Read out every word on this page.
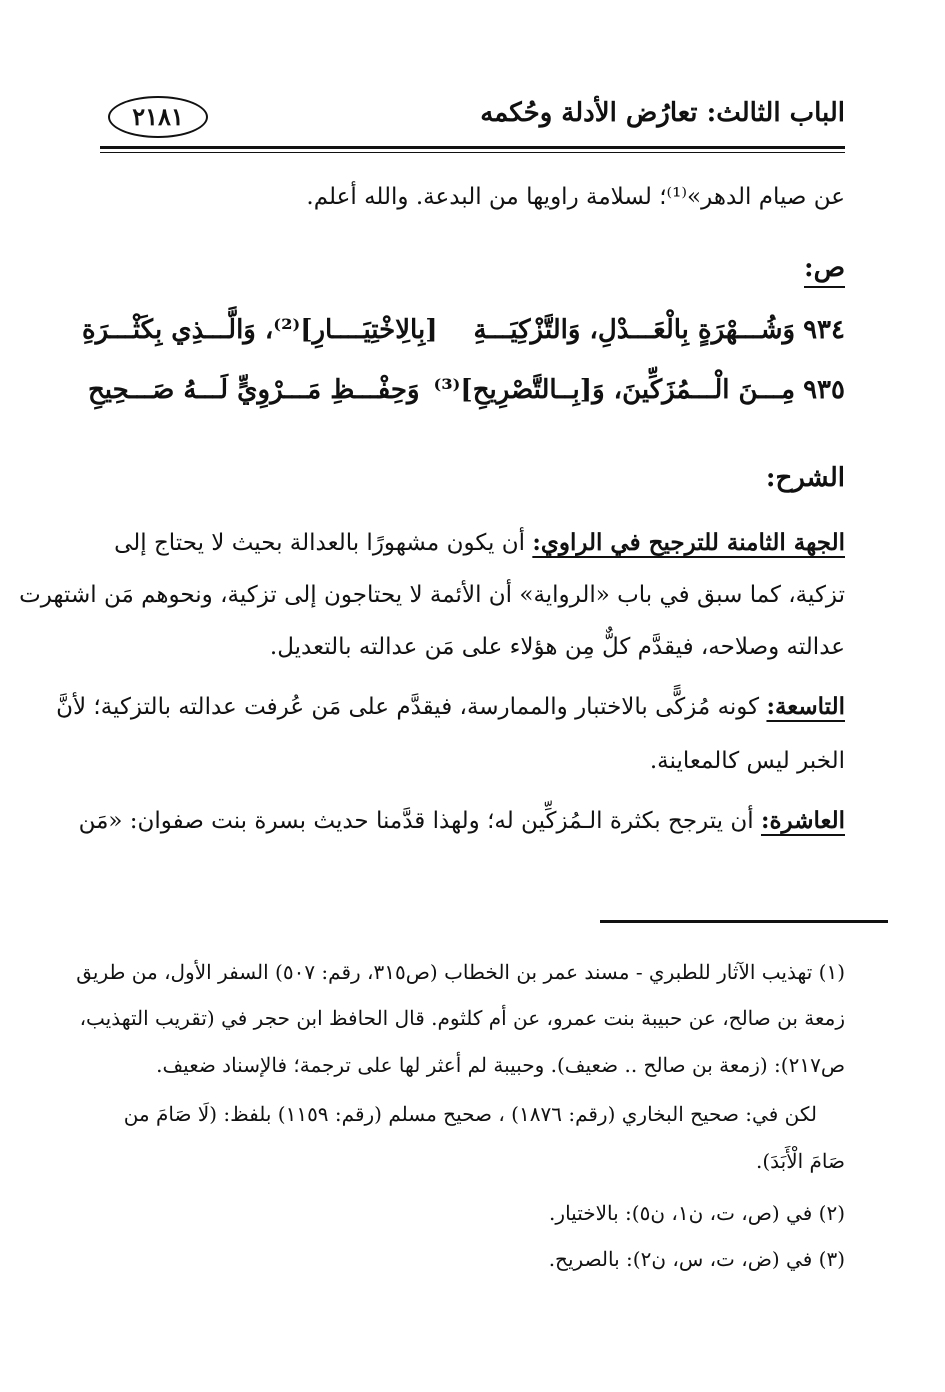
الباب الثالث: تعارُض الأدلة وحُكمه
٢١٨١
عن صيام الدهر»⁽¹⁾؛ لسلامة راويها من البدعة. والله أعلم.
ص:
٩٣٤وَشُـــهْرَةٍ بِالْعَـــدْلِ، وَالتَّزْكِيَـــةِ
[بِالِاخْتِيَــــارِ]⁽²⁾، وَالَّـــذِي بِكَثْـــرَةِ
٩٣٥مِـــنَ الْـــمُزَكِّينَ، وَ[بِــالتَّصْرِيحِ]⁽³⁾
وَحِفْـــظِ مَـــرْوِيٍّ لَـــهُ صَـــحِيحِ
الشرح:
الجهة الثامنة للترجيح في الراوي: أن يكون مشهورًا بالعدالة بحيث لا يحتاج إلى
تزكية، كما سبق في باب «الرواية» أن الأئمة لا يحتاجون إلى تزكية، ونحوهم مَن اشتهرت
عدالته وصلاحه، فيقدَّم كلٌّ مِن هؤلاء على مَن عدالته بالتعديل.
التاسعة: كونه مُزكًّى بالاختبار والممارسة، فيقدَّم على مَن عُرفت عدالته بالتزكية؛ لأنَّ
الخبر ليس كالمعاينة.
العاشرة: أن يترجح بكثرة الـمُزكِّين له؛ ولهذا قدَّمنا حديث بسرة بنت صفوان: «مَن
(١) تهذيب الآثار للطبري - مسند عمر بن الخطاب (ص٣١٥، رقم: ٥٠٧) السفر الأول، من طريق
زمعة بن صالح، عن حبيبة بنت عمرو، عن أم كلثوم. قال الحافظ ابن حجر في (تقريب التهذيب،
ص٢١٧): (زمعة بن صالح .. ضعيف). وحبيبة لم أعثر لها على ترجمة؛ فالإسناد ضعيف.
لكن في: صحيح البخاري (رقم: ١٨٧٦) ، صحيح مسلم (رقم: ١١٥٩) بلفظ: (لَا صَامَ من
صَامَ الْأَبَدَ).
(٢) في (ص، ت، ن١، ن٥): بالاختيار.
(٣) في (ض، ت، س، ن٢): بالصريح.
